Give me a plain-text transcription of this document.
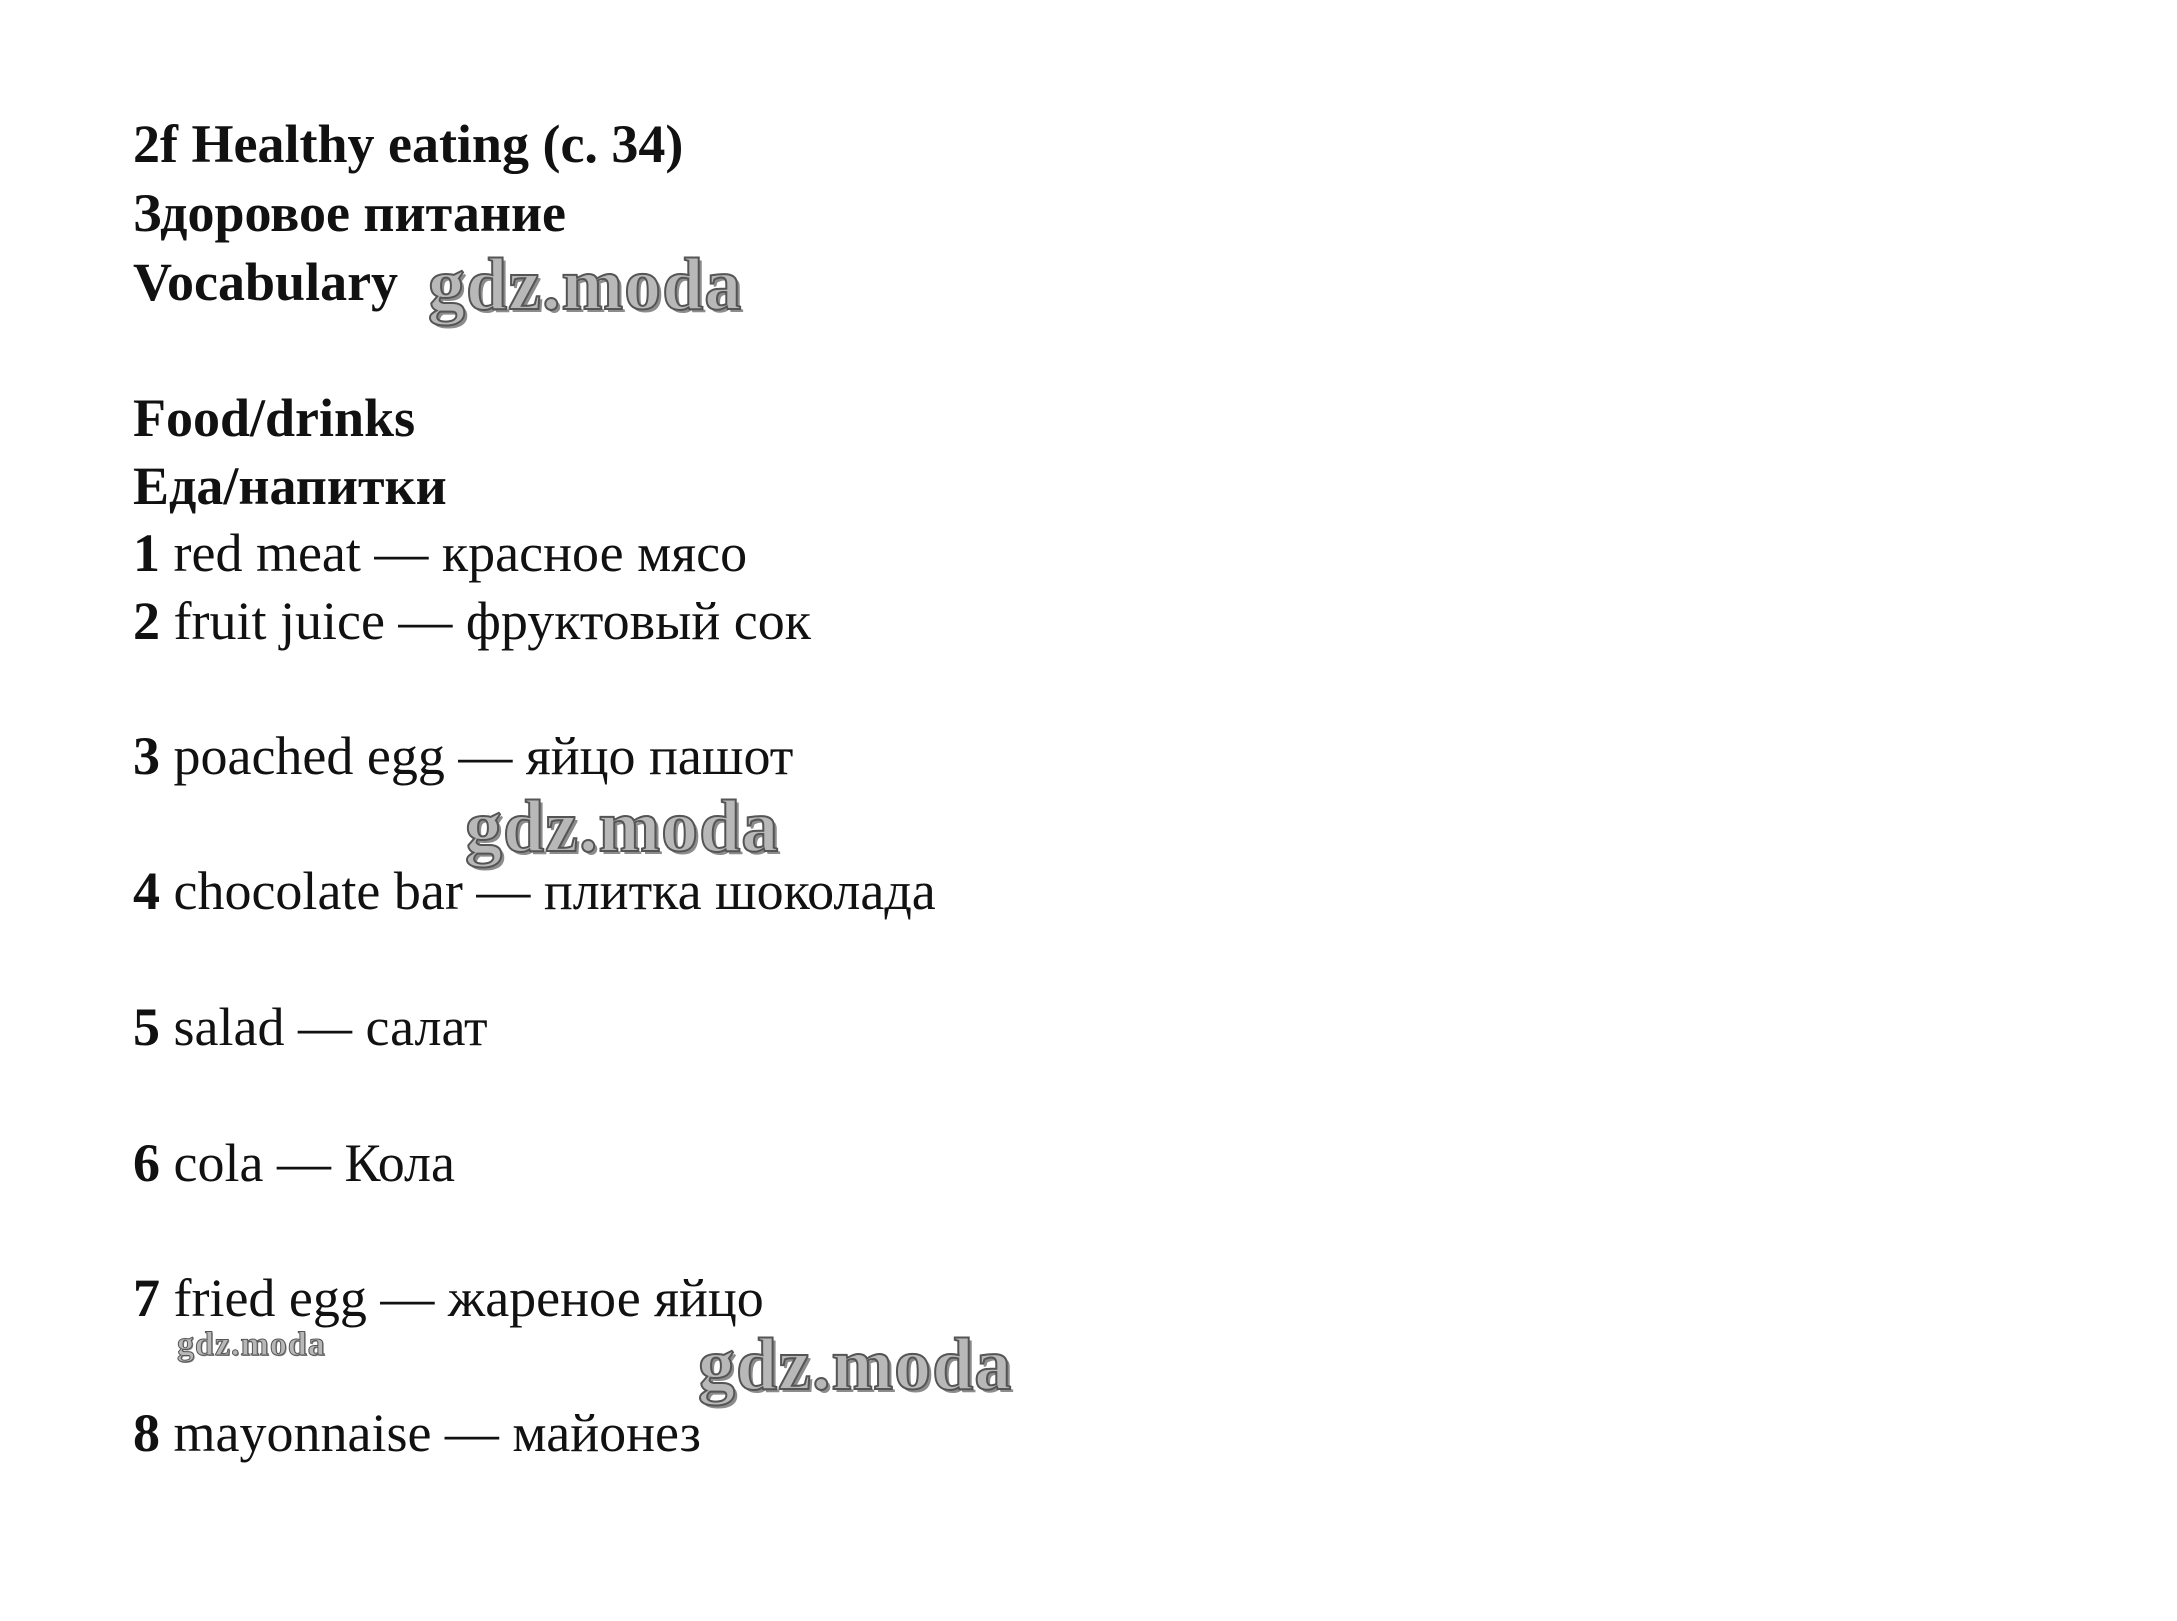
2f Healthy eating (с. 34)
Здоровое питание
Vocabulary
Food/drinks
Еда/напитки
1 red meat — красное мясо
2 fruit juice — фруктовый сок
3 poached egg — яйцо пашот
4 chocolate bar — плитка шоколада
5 salad — салат
6 cola — Кола
7 fried egg — жареное яйцо
8 mayonnaise — майонез
gdz.moda
gdz.moda
gdz.moda	gdz.moda
